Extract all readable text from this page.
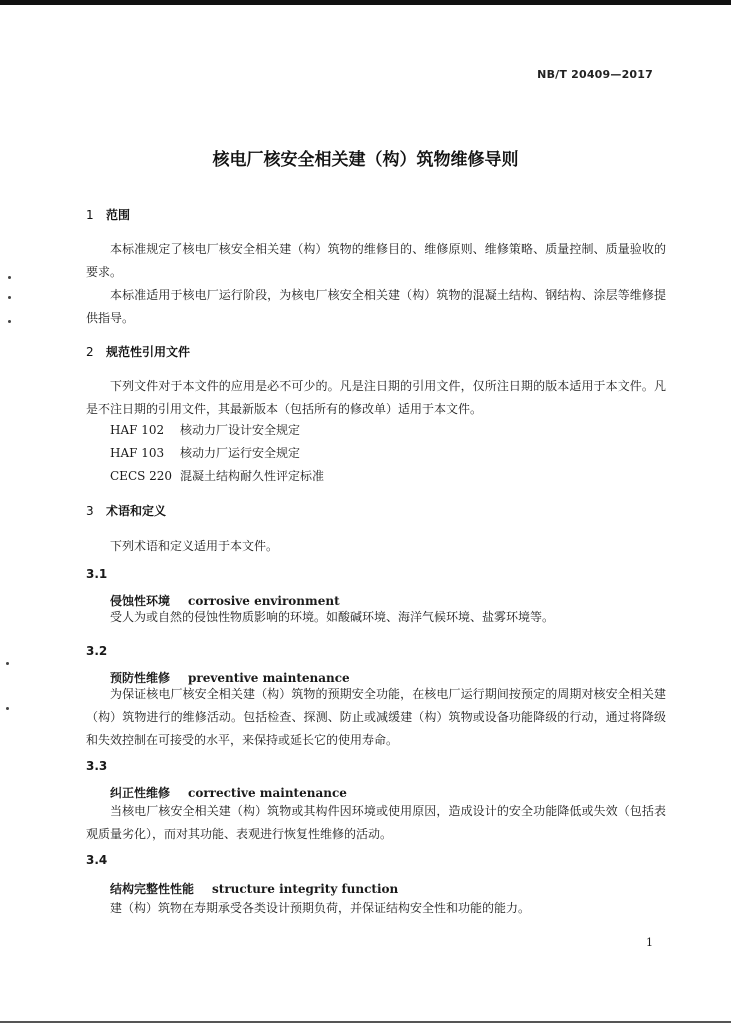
NB/T 20409—2017
核电厂核安全相关建（构）筑物维修导则
1 范围
本标准规定了核电厂核安全相关建（构）筑物的维修目的、维修原则、维修策略、质量控制、质量验收的要求。
本标准适用于核电厂运行阶段，为核电厂核安全相关建（构）筑物的混凝土结构、钢结构、涂层等维修提供指导。
2 规范性引用文件
下列文件对于本文件的应用是必不可少的。凡是注日期的引用文件，仅所注日期的版本适用于本文件。凡是不注日期的引用文件，其最新版本（包括所有的修改单）适用于本文件。
HAF 102 核动力厂设计安全规定
HAF 103 核动力厂运行安全规定
CECS 220 混凝土结构耐久性评定标准
3 术语和定义
下列术语和定义适用于本文件。
3.1
侵蚀性环境 corrosive environment
受人为或自然的侵蚀性物质影响的环境。如酸碱环境、海洋气候环境、盐雾环境等。
3.2
预防性维修 preventive maintenance
为保证核电厂核安全相关建（构）筑物的预期安全功能，在核电厂运行期间按预定的周期对核安全相关建（构）筑物进行的维修活动。包括检查、探测、防止或减缓建（构）筑物或设备功能降级的行动，通过将降级和失效控制在可接受的水平，来保持或延长它的使用寿命。
3.3
纠正性维修 corrective maintenance
当核电厂核安全相关建（构）筑物或其构件因环境或使用原因，造成设计的安全功能降低或失效（包括表观质量劣化），而对其功能、表观进行恢复性维修的活动。
3.4
结构完整性性能 structure integrity function
建（构）筑物在寿期承受各类设计预期负荷，并保证结构安全性和功能的能力。
1
